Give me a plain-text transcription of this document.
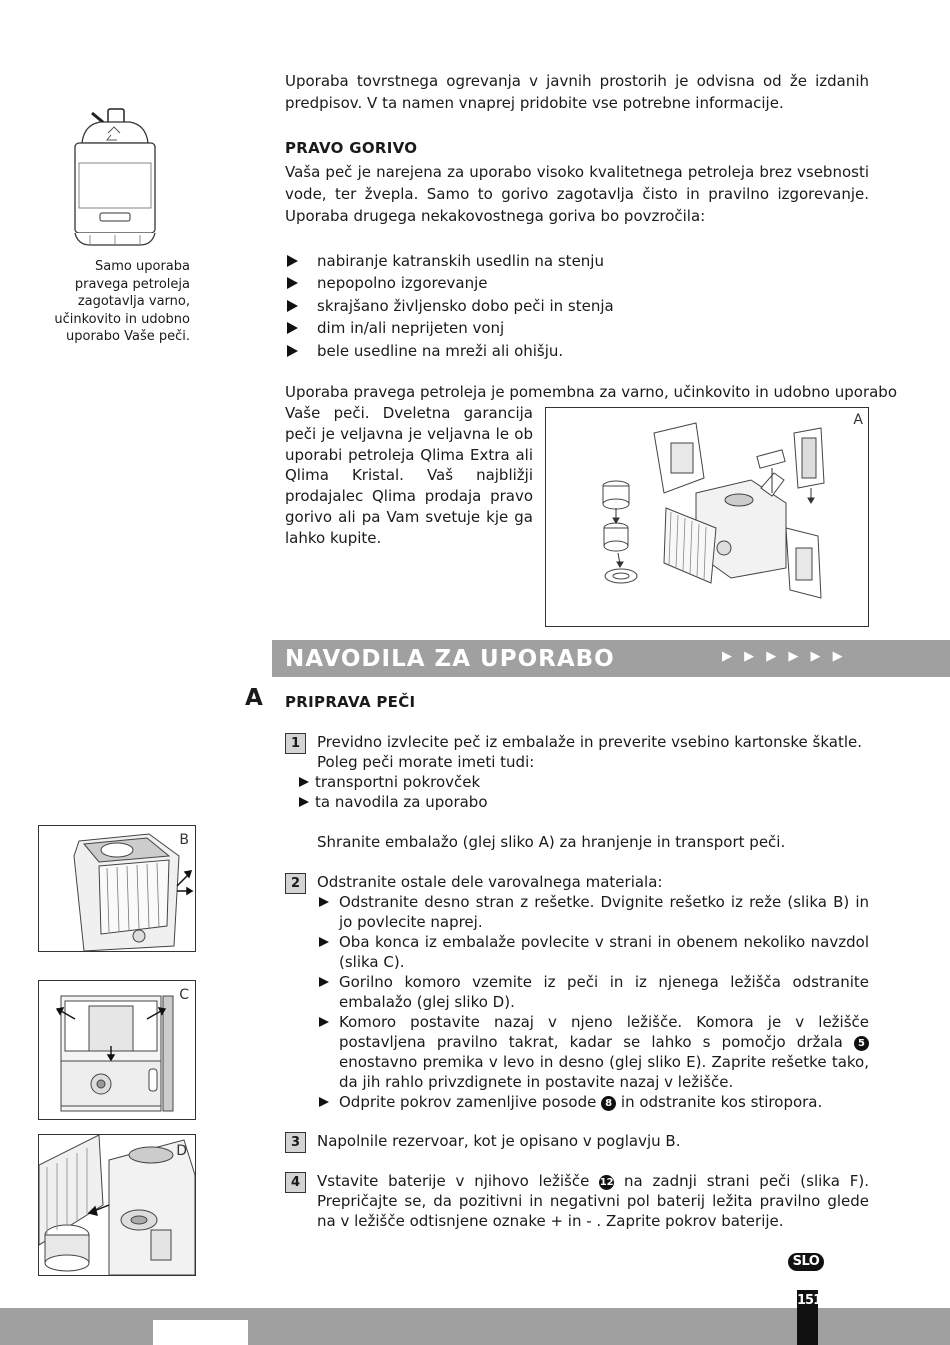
Uporaba tovrstnega ogrevanja v javnih prostorih je odvisna od že izdanih predpisov. V ta namen vnaprej pridobite vse potrebne informacije.
Samo uporaba pravega petroleja zagotavlja varno, učinkovito in udobno uporabo Vaše peči.
PRAVO GORIVO
Vaša peč je narejena za uporabo visoko kvalitetnega petroleja brez vsebnosti vode, ter žvepla. Samo to gorivo zagotavlja čisto in pravilno izgorevanje. Uporaba drugega nekakovostnega goriva bo povzročila:
nabiranje katranskih usedlin na stenju
nepopolno izgorevanje
skrajšano življensko dobo peči in stenja
dim in/ali neprijeten vonj
bele usedline na mreži ali ohišju.
Uporaba pravega petroleja je pomembna za varno, učinkovito in udobno uporabo
Vaše peči. Dveletna garancija peči je veljavna je veljavna le ob uporabi petroleja Qlima Extra ali Qlima Kristal. Vaš najbližji prodajalec Qlima prodaja pravo gorivo ali pa Vam svetuje kje ga lahko kupite.
A
NAVODILA ZA UPORABO	▶ ▶ ▶ ▶ ▶ ▶
A PRIPRAVA PEČI
1	Previdno izvlecite peč iz embalaže in preverite vsebino kartonske škatle.
Poleg peči morate imeti tudi:
transportni pokrovček
ta navodila za uporabo
Shranite embalažo (glej sliko A) za hranjenje in transport peči.
2	Odstranite ostale dele varovalnega materiala:
Odstranite desno stran z rešetke. Dvignite rešetko iz reže (slika B) in jo povlecite naprej.
Oba konca iz embalaže povlecite v strani in obenem nekoliko navzdol (slika C).
Gorilno komoro vzemite iz peči in iz njenega ležišča odstranite embalažo (glej sliko D).
Komoro postavite nazaj v njeno ležišče. Komora je v ležišče postavljena pravilno takrat, kadar se lahko s pomočjo držala 5 enostavno premika v levo in desno (glej sliko E). Zaprite rešetke tako, da jih rahlo privzdignete in postavite nazaj v ležišče.
Odprite pokrov zamenljive posode 8 in odstranite kos stiropora.
3	Napolnile rezervoar, kot je opisano v poglavju B.
4	Vstavite baterije v njihovo ležišče 12 na zadnji strani peči (slika F). Prepričajte se, da pozitivni in negativni pol baterij ležita pravilno glede na v ležišče odtisnjene oznake + in - . Zaprite pokrov baterije.
B
C
D
151
SLO
